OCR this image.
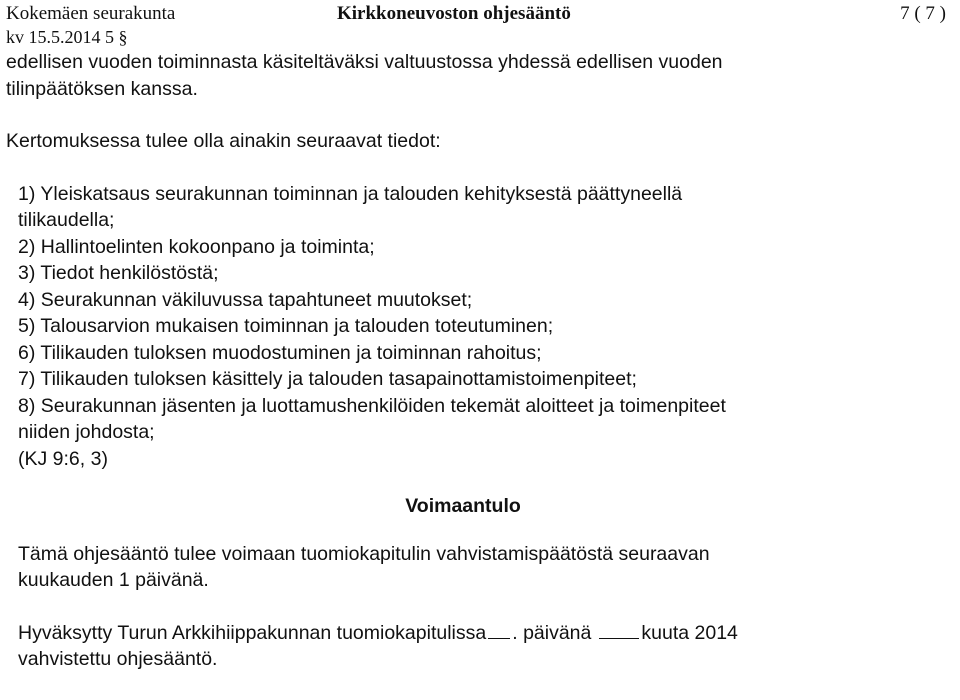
Kokemäen seurakunta	Kirkkoneuvoston ohjesääntö	7 ( 7 )
kv 15.5.2014 5 §
edellisen vuoden toiminnasta käsiteltäväksi valtuustossa yhdessä edellisen vuoden
tilinpäätöksen kanssa.
Kertomuksessa tulee olla ainakin seuraavat tiedot:
1) Yleiskatsaus seurakunnan toiminnan ja talouden kehityksestä päättyneellä
tilikaudella;
2) Hallintoelinten kokoonpano ja toiminta;
3) Tiedot henkilöstöstä;
4) Seurakunnan väkiluvussa tapahtuneet muutokset;
5) Talousarvion mukaisen toiminnan ja talouden toteutuminen;
6) Tilikauden tuloksen muodostuminen ja toiminnan rahoitus;
7) Tilikauden tuloksen käsittely ja talouden tasapainottamistoimenpiteet;
8) Seurakunnan jäsenten ja luottamushenkilöiden tekemät aloitteet ja toimenpiteet
niiden johdosta;
(KJ 9:6, 3)
Voimaantulo
Tämä ohjesääntö tulee voimaan tuomiokapitulin vahvistamispäätöstä seuraavan
kuukauden 1 päivänä.
Hyväksytty Turun Arkkihiippakunnan tuomiokapitulissa . päivänä	kuuta 2014
vahvistettu ohjesääntö.
